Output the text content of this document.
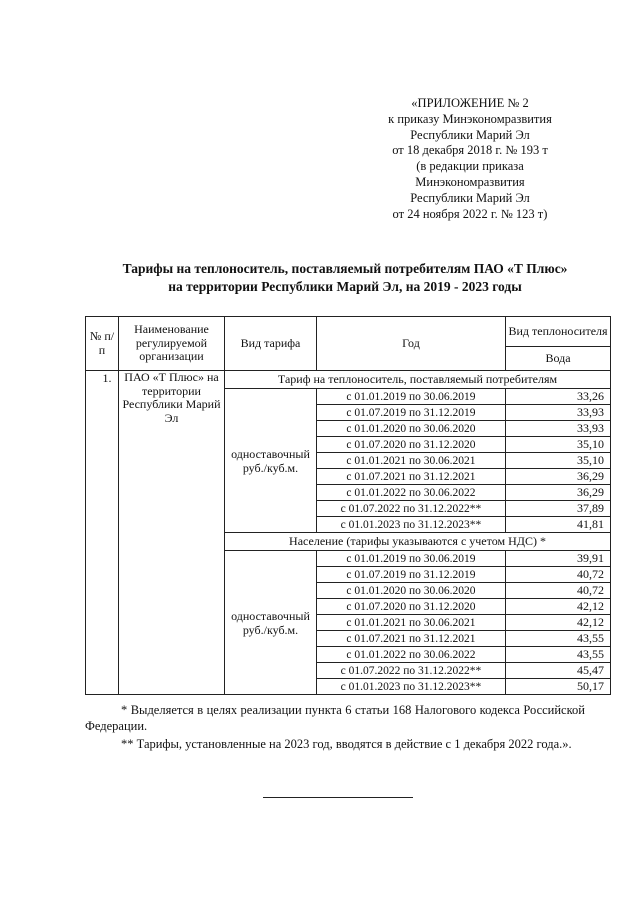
«ПРИЛОЖЕНИЕ № 2
к приказу Минэкономразвития
Республики Марий Эл
от 18 декабря 2018 г. № 193 т
(в редакции приказа
Минэкономразвития
Республики Марий Эл
от 24 ноября 2022 г. № 123 т)
Тарифы на теплоноситель, поставляемый потребителям ПАО «Т Плюс»
на территории Республики Марий Эл, на 2019 - 2023 годы
№ п/п	Наименование регулируемой организации	Вид тарифа	Год	Вид теплоносителя
				Вода
1.	ПАО «Т Плюс» на территории Республики Марий Эл	Тариф на теплоноситель, поставляемый потребителям		
		одноставочный руб./куб.м.	с 01.01.2019 по 30.06.2019	33,26
			с 01.07.2019 по 31.12.2019	33,93
			с 01.01.2020 по 30.06.2020	33,93
			с 01.07.2020 по 31.12.2020	35,10
			с 01.01.2021 по 30.06.2021	35,10
			с 01.07.2021 по 31.12.2021	36,29
			с 01.01.2022 по 30.06.2022	36,29
			с 01.07.2022 по 31.12.2022**	37,89
			с 01.01.2023 по 31.12.2023**	41,81
		Население (тарифы указываются с учетом НДС) *		
		одноставочный руб./куб.м.	с 01.01.2019 по 30.06.2019	39,91
			с 01.07.2019 по 31.12.2019	40,72
			с 01.01.2020 по 30.06.2020	40,72
			с 01.07.2020 по 31.12.2020	42,12
			с 01.01.2021 по 30.06.2021	42,12
			с 01.07.2021 по 31.12.2021	43,55
			с 01.01.2022 по 30.06.2022	43,55
			с 01.07.2022 по 31.12.2022**	45,47
			с 01.01.2023 по 31.12.2023**	50,17

* Выделяется в целях реализации пункта 6 статьи 168 Налогового кодекса Российской Федерации.

** Тарифы, установленные на 2023 год, вводятся в действие с 1 декабря 2022 года.».
